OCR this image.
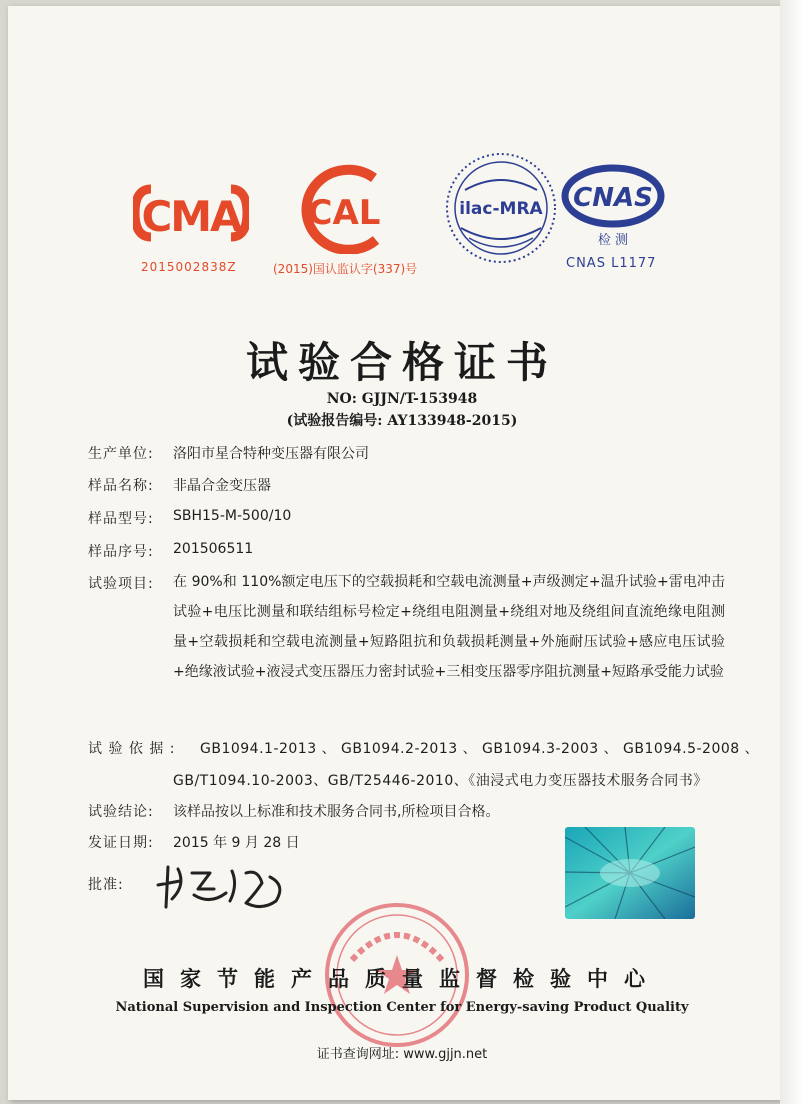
CMA
2015002838Z
CAL
(2015)国认监认字(337)号
ilac-MRA CNAS
检 测
CNAS L1177
试验合格证书
NO: GJJN/T-153948
(试验报告编号: AY133948-2015)
生产单位: 洛阳市星合特种变压器有限公司
样品名称: 非晶合金变压器
样品型号: SBH15-M-500/10
样品序号: 201506511
试验项目: 在 90%和 110%额定电压下的空载损耗和空载电流测量+声级测定+温升试验+雷电冲击试验+电压比测量和联结组标号检定+绕组电阻测量+绕组对地及绕组间直流绝缘电阻测量+空载损耗和空载电流测量+短路阻抗和负载损耗测量+外施耐压试验+感应电压试验+绝缘液试验+液浸式变压器压力密封试验+三相变压器零序阻抗测量+短路承受能力试验
试 验 依 据 : GB1094.1-2013 、 GB1094.2-2013 、 GB1094.3-2003 、 GB1094.5-2008 、
GB/T1094.10-2003、GB/T25446-2010、《油浸式电力变压器技术服务合同书》
试验结论: 该样品按以上标准和技术服务合同书,所检项目合格。
发证日期: 2015 年 9 月 28 日
批准:
国家节能产品质量监督检验中心
National Supervision and Inspection Center for Energy-saving Product Quality
证书查询网址: www.gjjn.net
